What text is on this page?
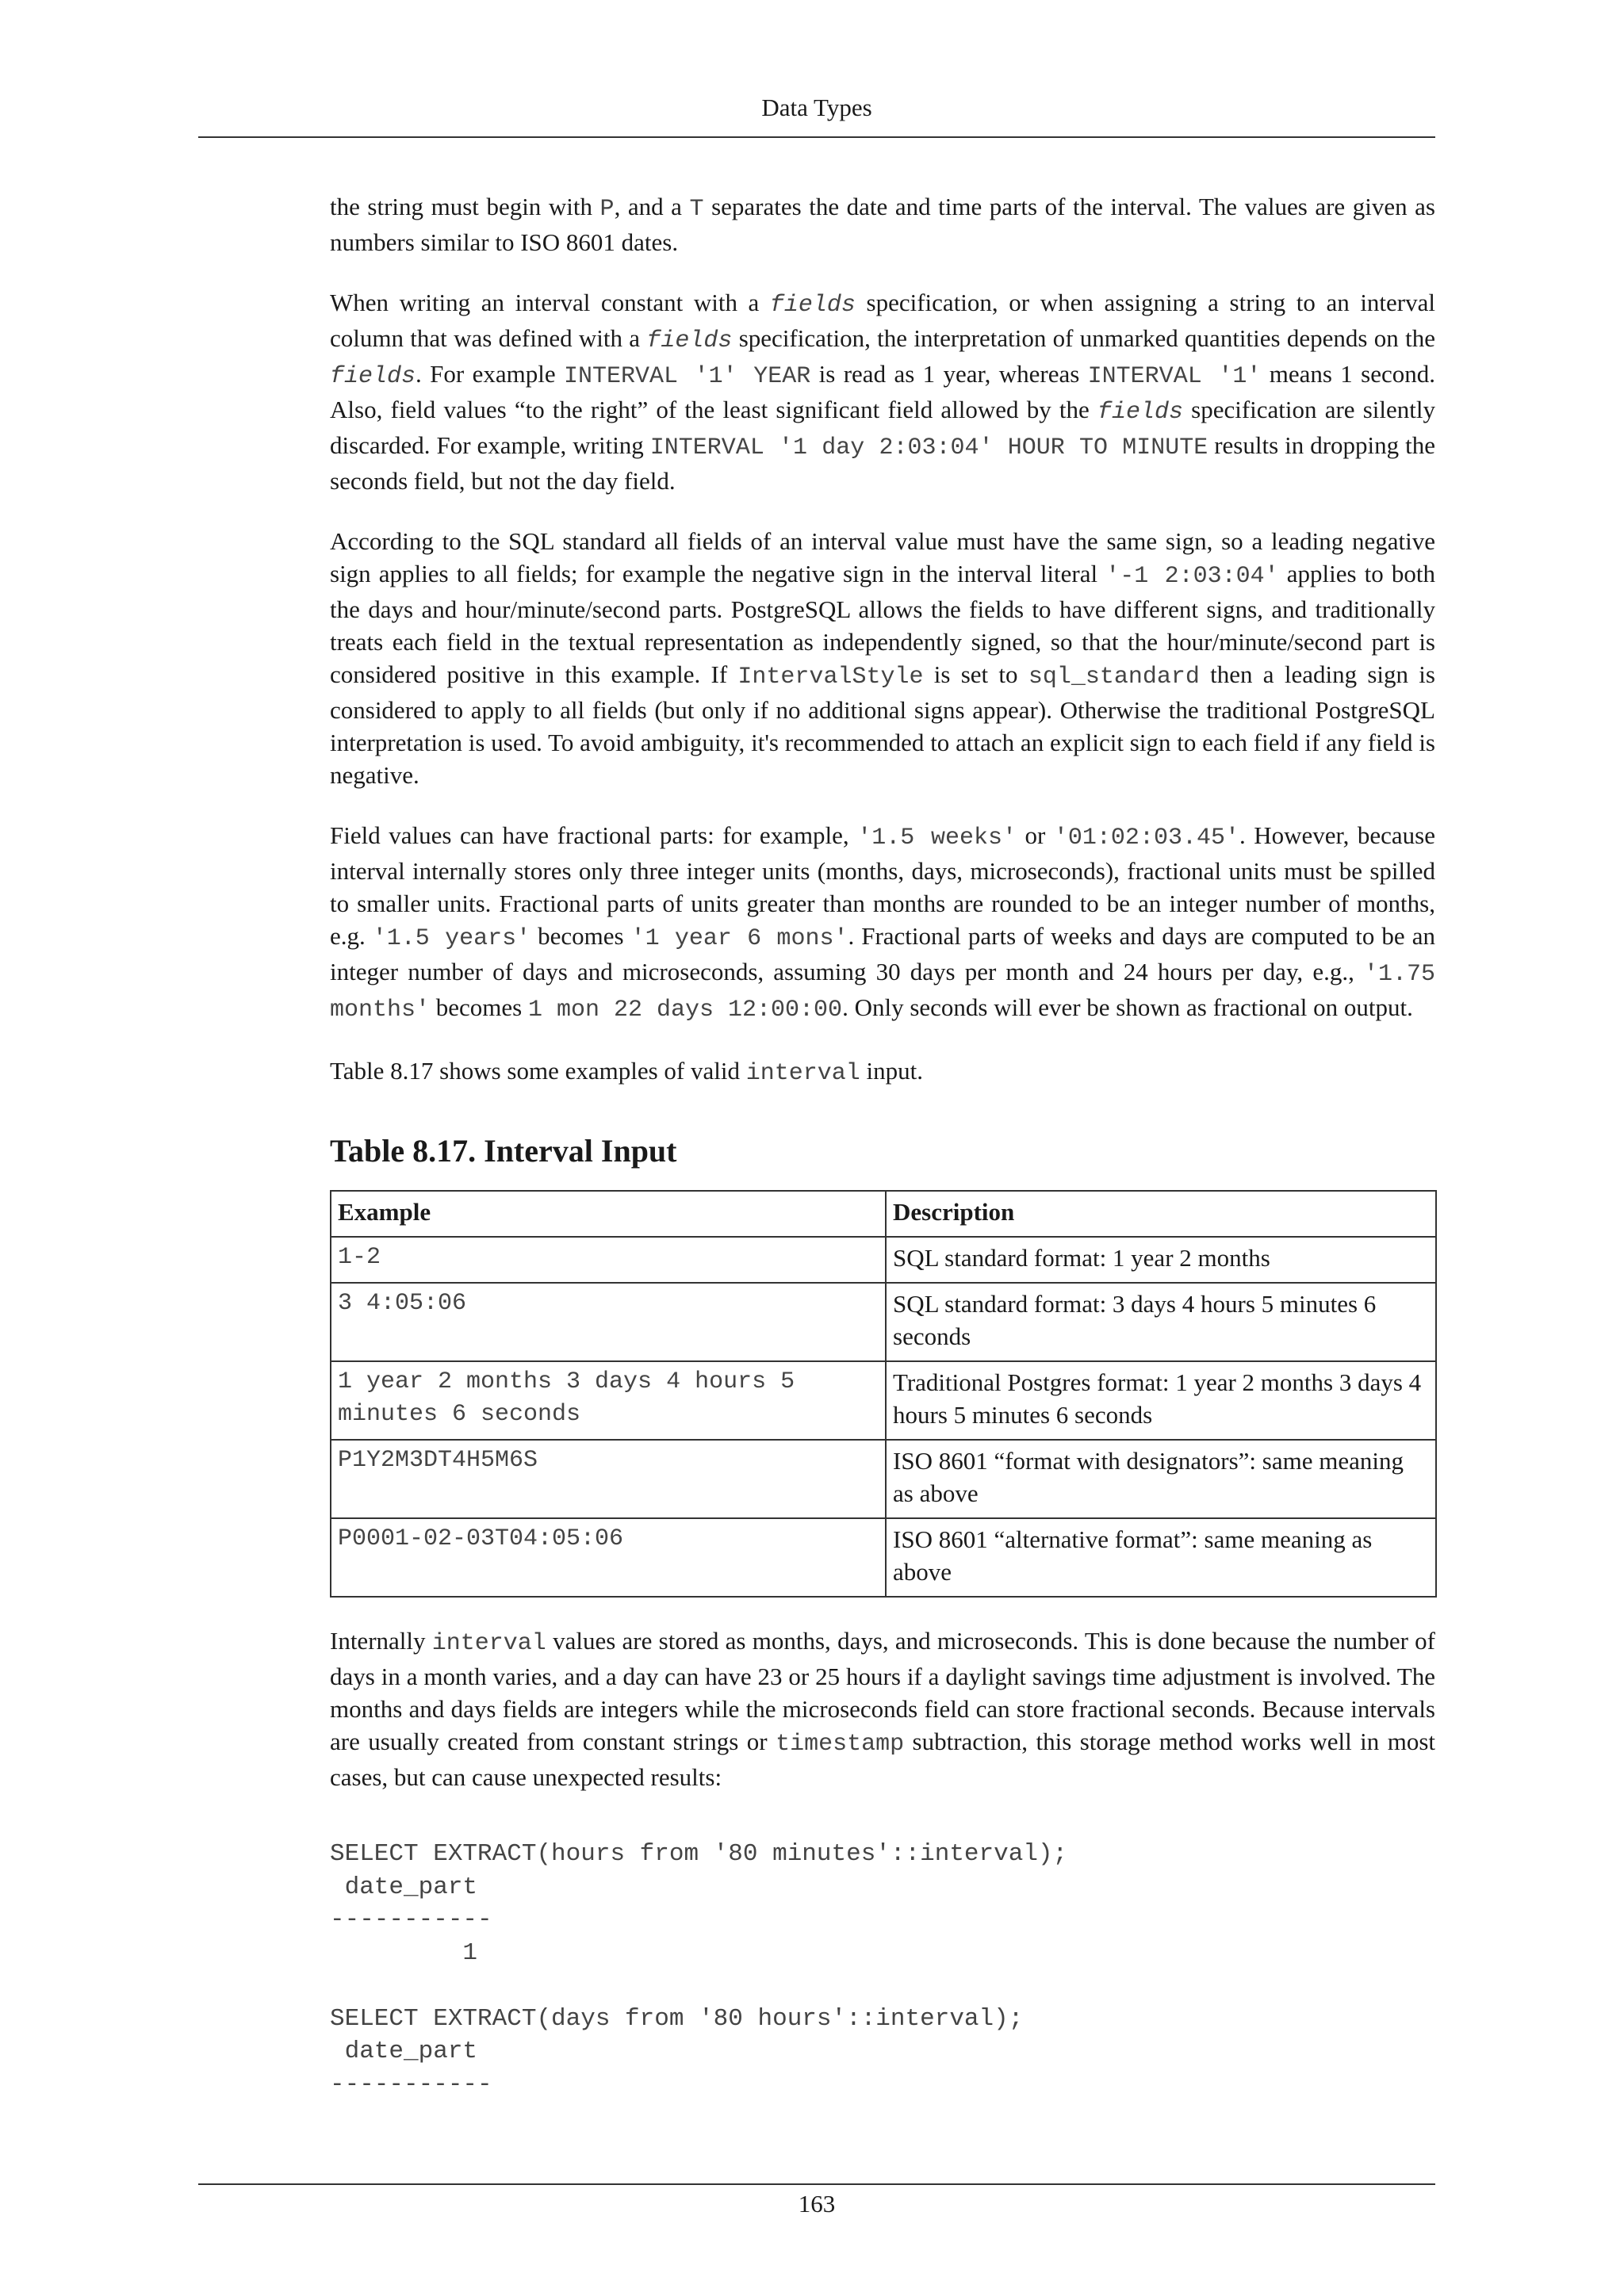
Data Types

the string must begin with P, and a T separates the date and time parts of the interval. The values are given as numbers similar to ISO 8601 dates.

When writing an interval constant with a fields specification, or when assigning a string to an interval column that was defined with a fields specification, the interpretation of unmarked quantities depends on the fields. For example INTERVAL '1' YEAR is read as 1 year, whereas INTERVAL '1' means 1 second. Also, field values “to the right” of the least significant field allowed by the fields specification are silently discarded. For example, writing INTERVAL '1 day 2:03:04' HOUR TO MINUTE results in dropping the seconds field, but not the day field.

According to the SQL standard all fields of an interval value must have the same sign, so a leading negative sign applies to all fields; for example the negative sign in the interval literal '-1 2:03:04' applies to both the days and hour/minute/second parts. PostgreSQL allows the fields to have different signs, and traditionally treats each field in the textual representation as independently signed, so that the hour/minute/second part is considered positive in this example. If IntervalStyle is set to sql_standard then a leading sign is considered to apply to all fields (but only if no additional signs appear). Otherwise the traditional PostgreSQL interpretation is used. To avoid ambiguity, it's recommended to attach an explicit sign to each field if any field is negative.

Field values can have fractional parts: for example, '1.5 weeks' or '01:02:03.45'. However, because interval internally stores only three integer units (months, days, microseconds), fractional units must be spilled to smaller units. Fractional parts of units greater than months are rounded to be an integer number of months, e.g. '1.5 years' becomes '1 year 6 mons'. Fractional parts of weeks and days are computed to be an integer number of days and microseconds, assuming 30 days per month and 24 hours per day, e.g., '1.75 months' becomes 1 mon 22 days 12:00:00. Only seconds will ever be shown as fractional on output.

Table 8.17 shows some examples of valid interval input.

Table 8.17. Interval Input
Example	Description
1-2	SQL standard format: 1 year 2 months
3 4:05:06	SQL standard format: 3 days 4 hours 5 minutes 6 seconds
1 year 2 months 3 days 4 hours 5 minutes 6 seconds	Traditional Postgres format: 1 year 2 months 3 days 4 hours 5 minutes 6 seconds
P1Y2M3DT4H5M6S	ISO 8601 “format with designators”: same meaning as above
P0001-02-03T04:05:06	ISO 8601 “alternative format”: same meaning as above

Internally interval values are stored as months, days, and microseconds. This is done because the number of days in a month varies, and a day can have 23 or 25 hours if a daylight savings time adjustment is involved. The months and days fields are integers while the microseconds field can store fractional seconds. Because intervals are usually created from constant strings or timestamp subtraction, this storage method works well in most cases, but can cause unexpected results:

SELECT EXTRACT(hours from '80 minutes'::interval);
date_part
-----------
1

SELECT EXTRACT(days from '80 hours'::interval);
date_part
-----------
163
